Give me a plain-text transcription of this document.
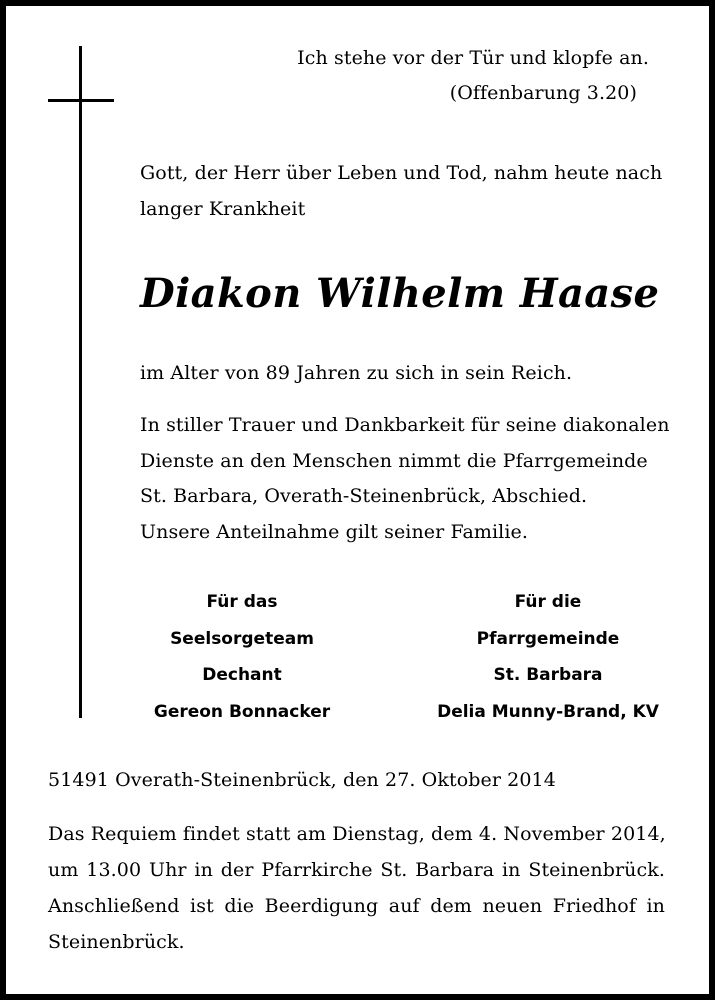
Ich stehe vor der Tür und klopfe an.

(Offenbarung 3.20)

Gott, der Herr über Leben und Tod, nahm heute nach

langer Krankheit

Diakon Wilhelm Haase

im Alter von 89 Jahren zu sich in sein Reich.

In stiller Trauer und Dankbarkeit für seine diakonalen
Dienste an den Menschen nimmt die Pfarrgemeinde
St. Barbara, Overath-Steinenbrück, Abschied.
Unsere Anteilnahme gilt seiner Familie.
Für das
Seelsorgeteam
Dechant
Gereon Bonnacker
Für die
Pfarrgemeinde
St. Barbara
Delia Munny-Brand, KV

51491 Overath-Steinenbrück, den 27. Oktober 2014

Das Requiem findet statt am Dienstag, dem 4. November 2014,
um 13.00 Uhr in der Pfarrkirche St. Barbara in Steinenbrück.
Anschließend ist die Beerdigung auf dem neuen Friedhof in
Steinenbrück.
